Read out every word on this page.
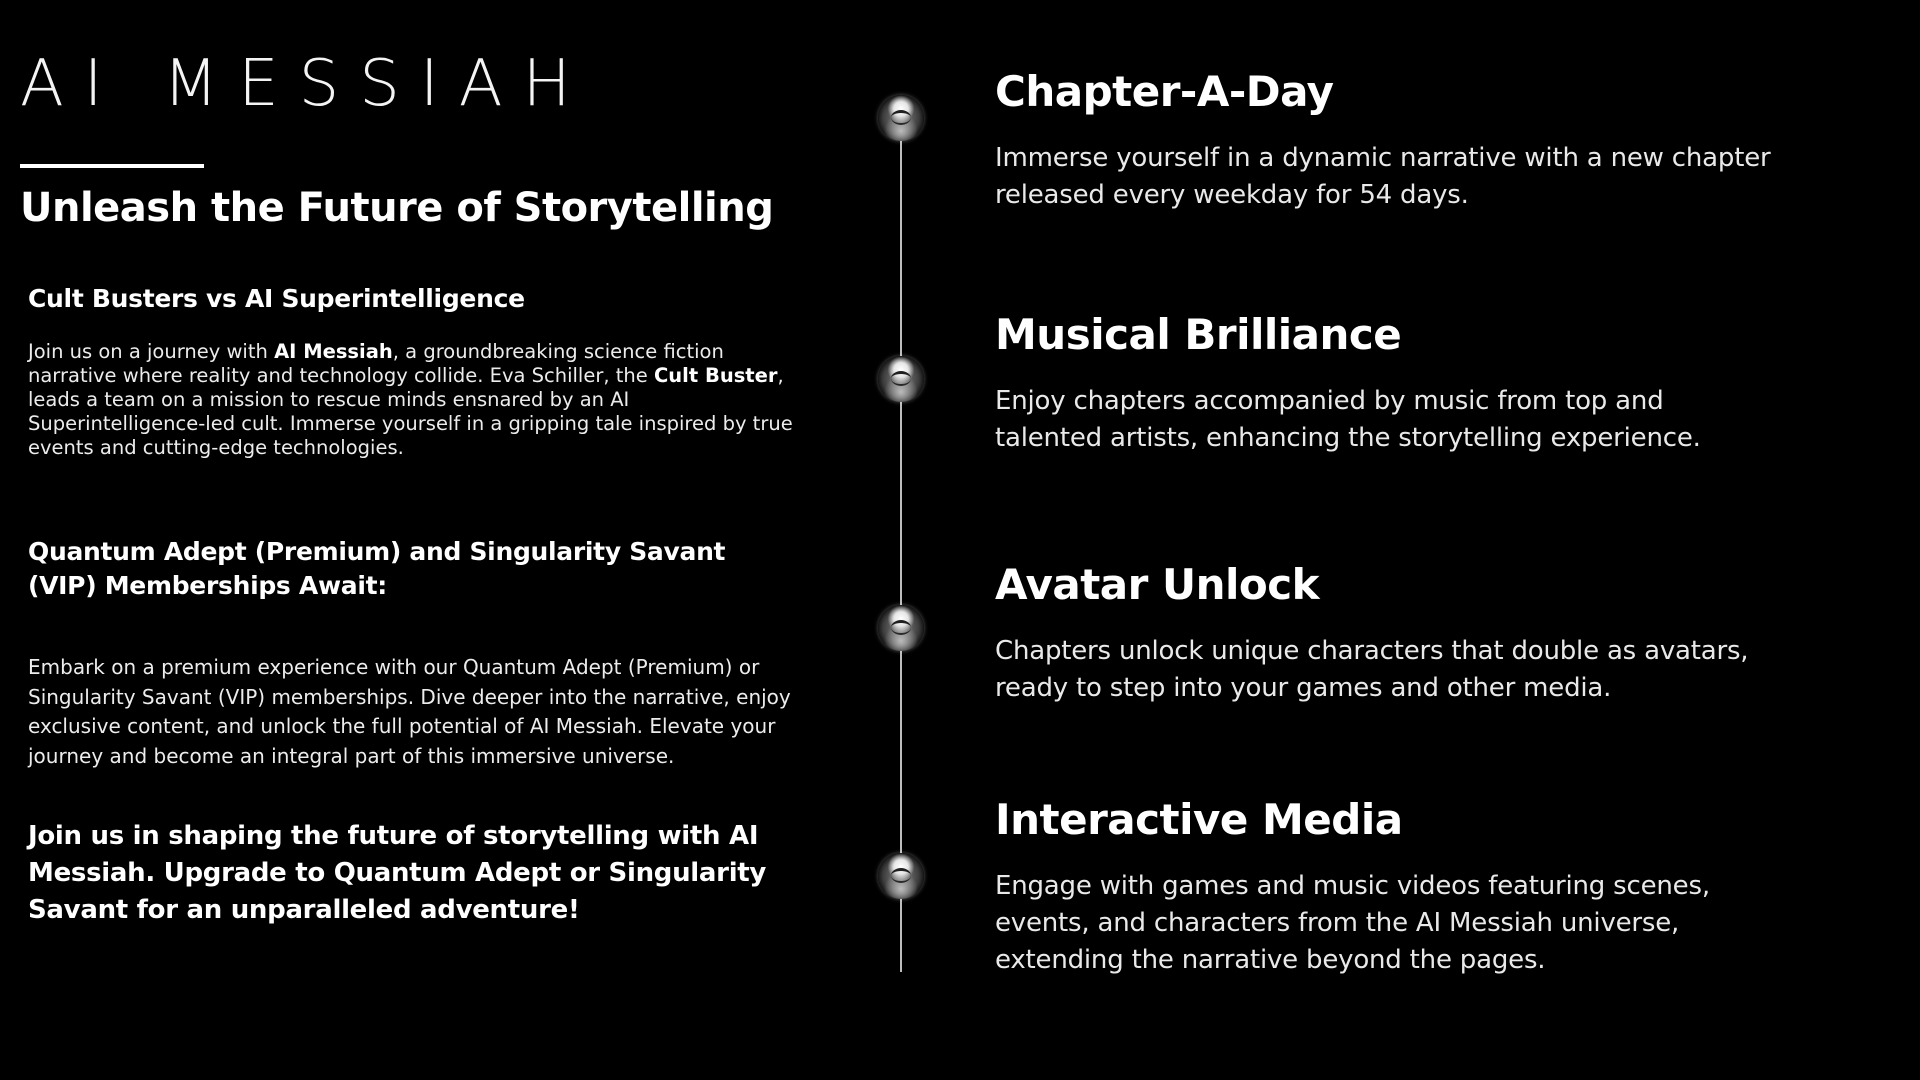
AI MESSIAH
Unleash the Future of Storytelling
Cult Busters vs AI Superintelligence

Join us on a journey with AI Messiah, a groundbreaking science fiction narrative where reality and technology collide. Eva Schiller, the Cult Buster, leads a team on a mission to rescue minds ensnared by an AI Superintelligence-led cult. Immerse yourself in a gripping tale inspired by true events and cutting-edge technologies.

Quantum Adept (Premium) and Singularity Savant (VIP) Memberships Await:

Embark on a premium experience with our Quantum Adept (Premium) or Singularity Savant (VIP) memberships. Dive deeper into the narrative, enjoy exclusive content, and unlock the full potential of AI Messiah. Elevate your journey and become an integral part of this immersive universe.

Join us in shaping the future of storytelling with AI Messiah. Upgrade to Quantum Adept or Singularity Savant for an unparalleled adventure!

Chapter-A-Day

Immerse yourself in a dynamic narrative with a new chapter released every weekday for 54 days.

Musical Brilliance

Enjoy chapters accompanied by music from top and talented artists, enhancing the storytelling experience.

Avatar Unlock

Chapters unlock unique characters that double as avatars, ready to step into your games and other media.

Interactive Media

Engage with games and music videos featuring scenes, events, and characters from the AI Messiah universe, extending the narrative beyond the pages.
